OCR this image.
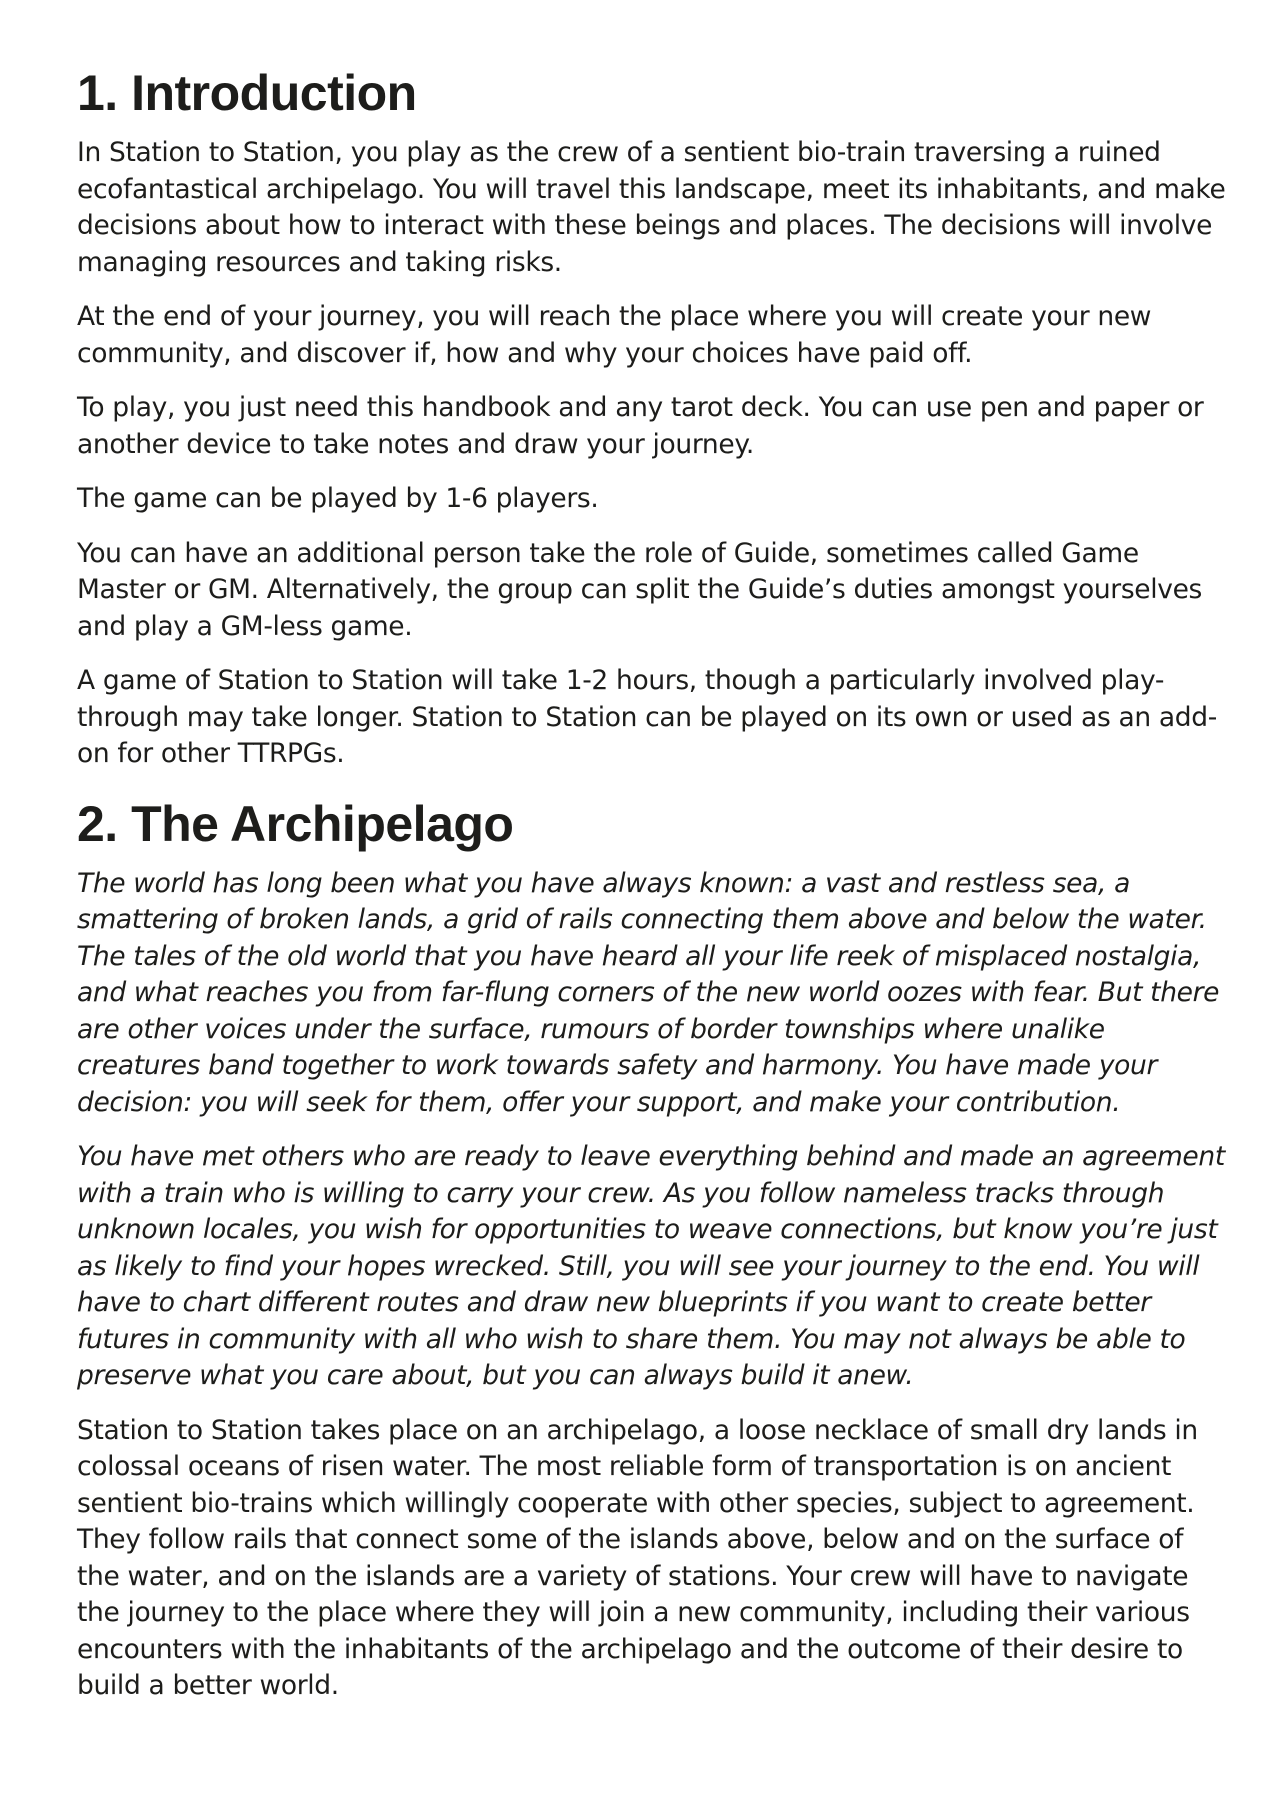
1. Introduction

In Station to Station, you play as the crew of a sentient bio-train traversing a ruined ecofantastical archipelago. You will travel this landscape, meet its inhabitants, and make decisions about how to interact with these beings and places. The decisions will involve managing resources and taking risks.

At the end of your journey, you will reach the place where you will create your new community, and discover if, how and why your choices have paid off.

To play, you just need this handbook and any tarot deck. You can use pen and paper or another device to take notes and draw your journey.

The game can be played by 1-6 players.

You can have an additional person take the role of Guide, sometimes called Game Master or GM. Alternatively, the group can split the Guide’s duties amongst yourselves and play a GM-less game.

A game of Station to Station will take 1-2 hours, though a particularly involved play-through may take longer. Station to Station can be played on its own or used as an add-on for other TTRPGs.

2. The Archipelago

The world has long been what you have always known: a vast and restless sea, a smattering of broken lands, a grid of rails connecting them above and below the water. The tales of the old world that you have heard all your life reek of misplaced nostalgia, and what reaches you from far-flung corners of the new world oozes with fear. But there are other voices under the surface, rumours of border townships where unalike creatures band together to work towards safety and harmony. You have made your decision: you will seek for them, offer your support, and make your contribution.

You have met others who are ready to leave everything behind and made an agreement with a train who is willing to carry your crew. As you follow nameless tracks through unknown locales, you wish for opportunities to weave connections, but know you’re just as likely to find your hopes wrecked. Still, you will see your journey to the end. You will have to chart different routes and draw new blueprints if you want to create better futures in community with all who wish to share them. You may not always be able to preserve what you care about, but you can always build it anew.

Station to Station takes place on an archipelago, a loose necklace of small dry lands in colossal oceans of risen water. The most reliable form of transportation is on ancient sentient bio-trains which willingly cooperate with other species, subject to agreement. They follow rails that connect some of the islands above, below and on the surface of the water, and on the islands are a variety of stations. Your crew will have to navigate the journey to the place where they will join a new community, including their various encounters with the inhabitants of the archipelago and the outcome of their desire to build a better world.
